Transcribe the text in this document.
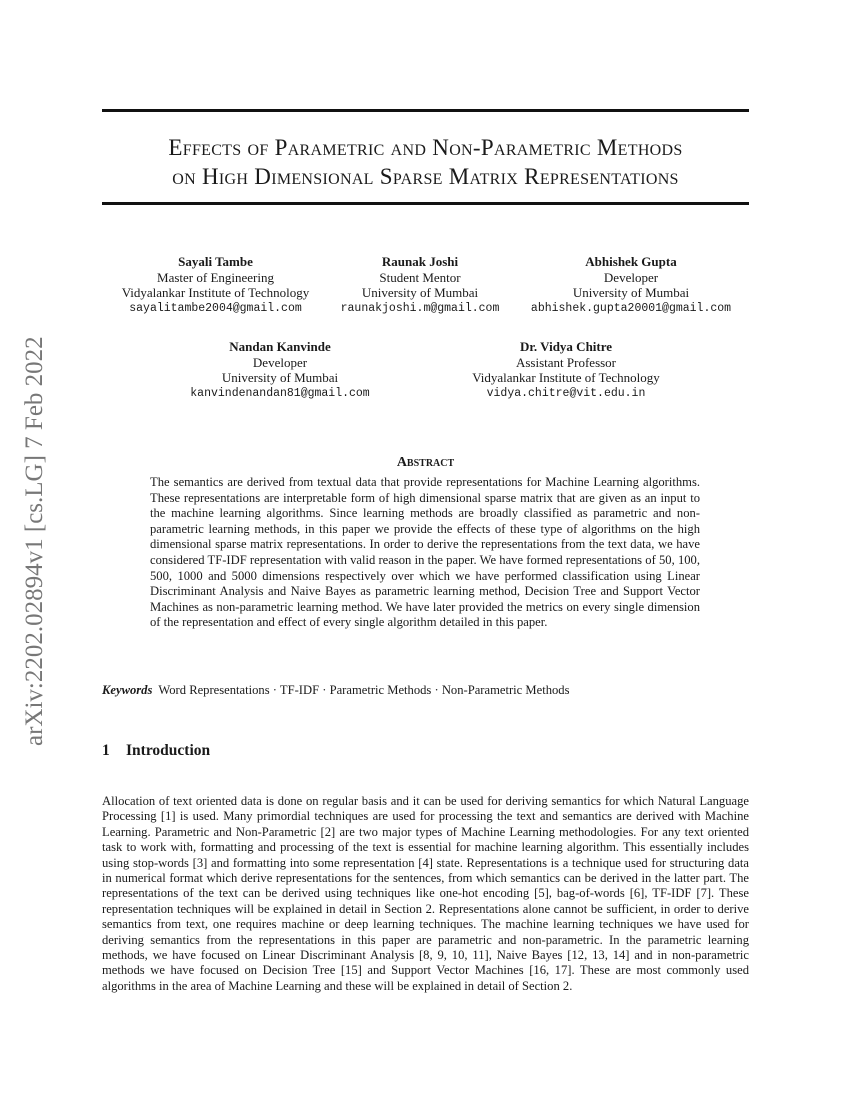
arXiv:2202.02894v1 [cs.LG] 7 Feb 2022
Effects of Parametric and Non-Parametric Methods
on High Dimensional Sparse Matrix Representations
Sayali Tambe
Master of Engineering
Vidyalankar Institute of Technology
sayalitambe2004@gmail.com
Raunak Joshi
Student Mentor
University of Mumbai
raunakjoshi.m@gmail.com
Abhishek Gupta
Developer
University of Mumbai
abhishek.gupta20001@gmail.com
Nandan Kanvinde
Developer
University of Mumbai
kanvindenandan81@gmail.com
Dr. Vidya Chitre
Assistant Professor
Vidyalankar Institute of Technology
vidya.chitre@vit.edu.in
Abstract

The semantics are derived from textual data that provide representations for Machine Learning algorithms. These representations are interpretable form of high dimensional sparse matrix that are given as an input to the machine learning algorithms. Since learning methods are broadly classified as parametric and non-parametric learning methods, in this paper we provide the effects of these type of algorithms on the high dimensional sparse matrix representations. In order to derive the representations from the text data, we have considered TF-IDF representation with valid reason in the paper. We have formed representations of 50, 100, 500, 1000 and 5000 dimensions respectively over which we have performed classification using Linear Discriminant Analysis and Naive Bayes as parametric learning method, Decision Tree and Support Vector Machines as non-parametric learning method. We have later provided the metrics on every single dimension of the representation and effect of every single algorithm detailed in this paper.

Keywords Word Representations · TF-IDF · Parametric Methods · Non-Parametric Methods
1 Introduction

Allocation of text oriented data is done on regular basis and it can be used for deriving semantics for which Natural Language Processing [1] is used. Many primordial techniques are used for processing the text and semantics are derived with Machine Learning. Parametric and Non-Parametric [2] are two major types of Machine Learning methodologies. For any text oriented task to work with, formatting and processing of the text is essential for machine learning algorithm. This essentially includes using stop-words [3] and formatting into some representation [4] state. Representations is a technique used for structuring data in numerical format which derive representations for the sentences, from which semantics can be derived in the latter part. The representations of the text can be derived using techniques like one-hot encoding [5], bag-of-words [6], TF-IDF [7]. These representation techniques will be explained in detail in Section 2. Representations alone cannot be sufficient, in order to derive semantics from text, one requires machine or deep learning techniques. The machine learning techniques we have used for deriving semantics from the representations in this paper are parametric and non-parametric. In the parametric learning methods, we have focused on Linear Discriminant Analysis [8, 9, 10, 11], Naive Bayes [12, 13, 14] and in non-parametric methods we have focused on Decision Tree [15] and Support Vector Machines [16, 17]. These are most commonly used algorithms in the area of Machine Learning and these will be explained in detail of Section 2.
